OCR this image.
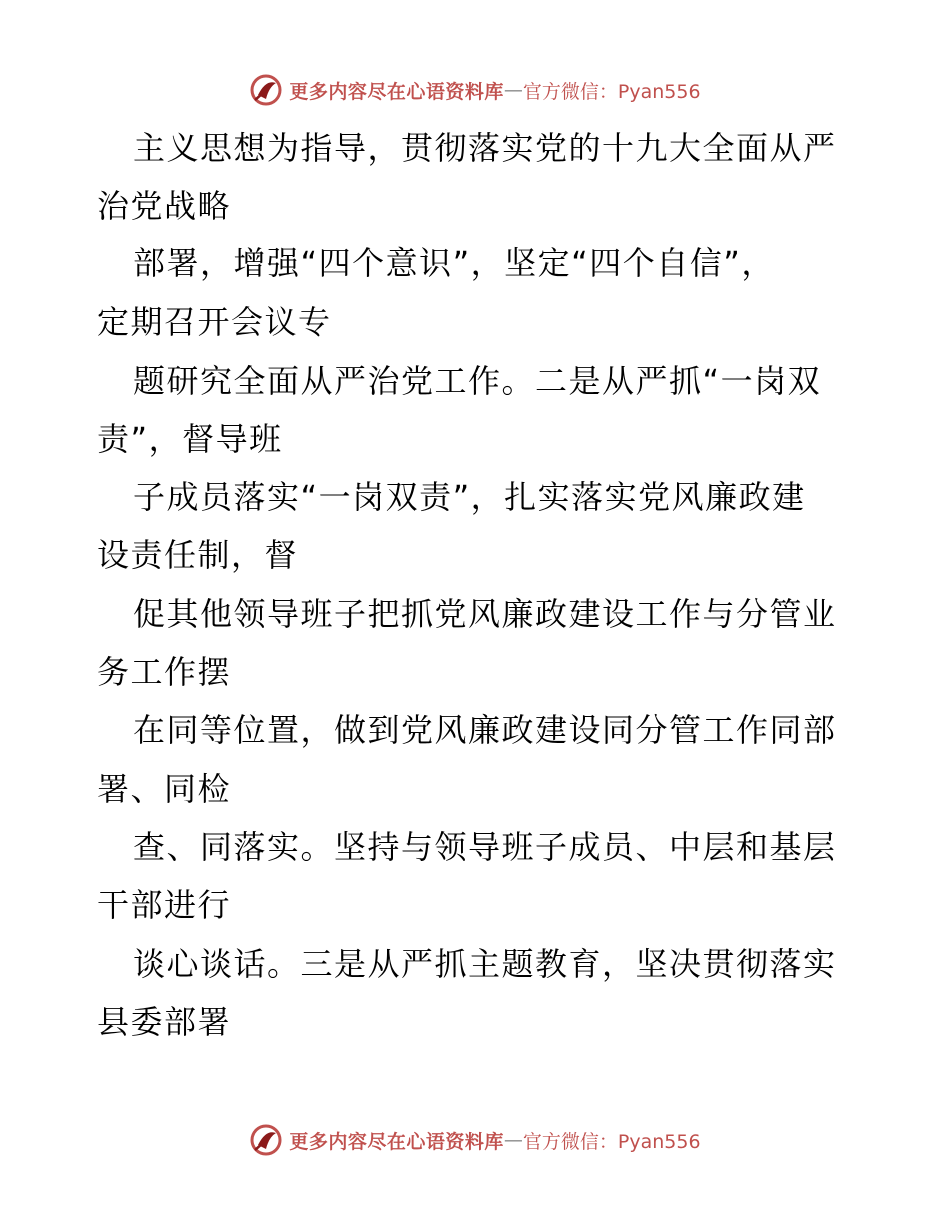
更多内容尽在心语资料库 — 官方微信：Pyan556
主义思想为指导，贯彻落实党的十九大全面从严
治党战略
部署，增强“四个意识”，坚定“四个自信”，
定期召开会议专
题研究全面从严治党工作。二是从严抓“一岗双
责”，督导班
子成员落实“一岗双责”，扎实落实党风廉政建
设责任制，督
促其他领导班子把抓党风廉政建设工作与分管业
务工作摆
在同等位置，做到党风廉政建设同分管工作同部
署、同检
查、同落实。坚持与领导班子成员、中层和基层
干部进行
谈心谈话。三是从严抓主题教育，坚决贯彻落实
县委部署
更多内容尽在心语资料库 — 官方微信：Pyan556
